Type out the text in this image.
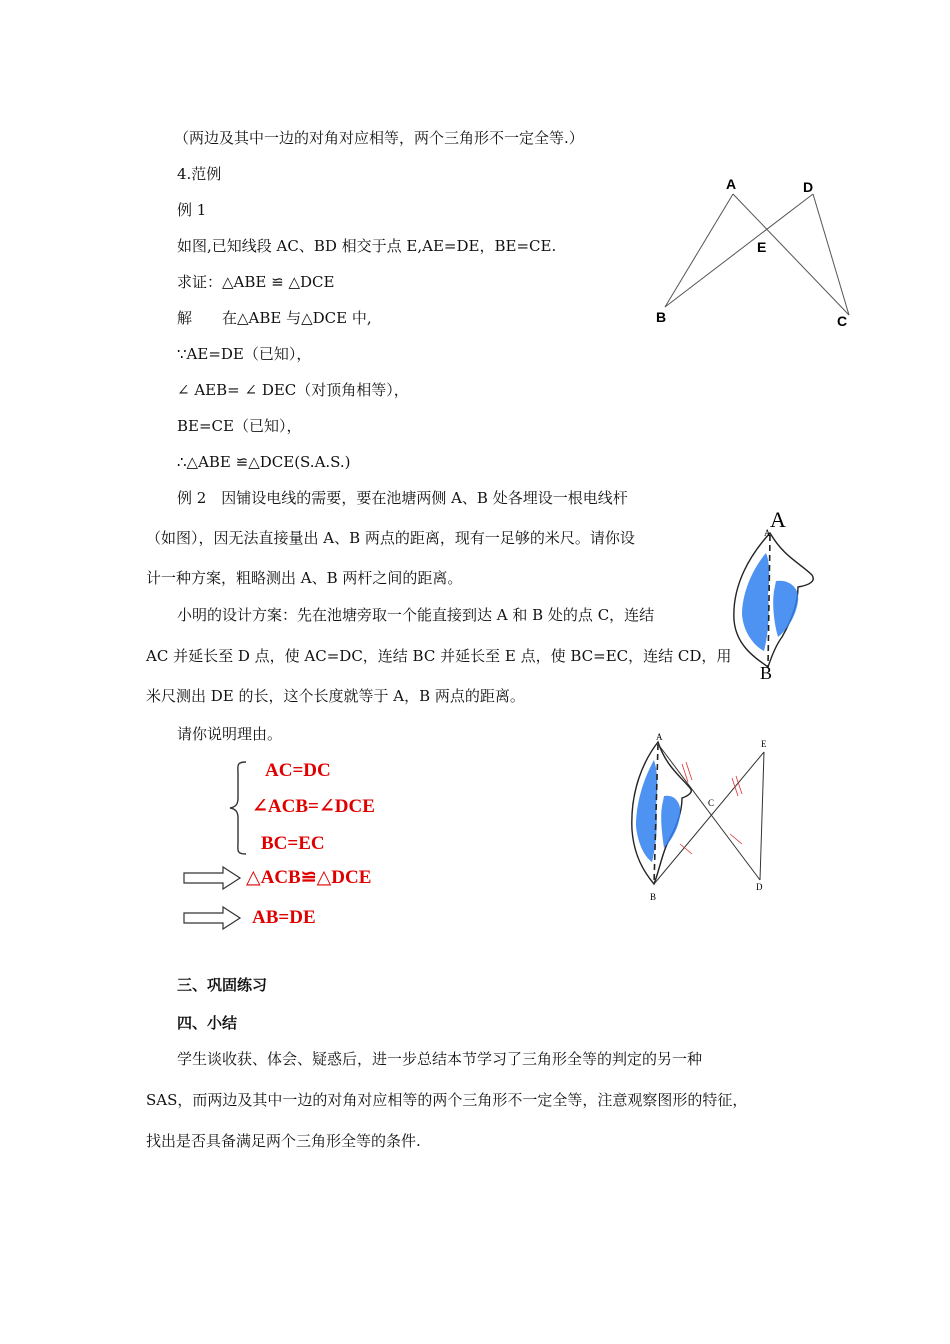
（两边及其中一边的对角对应相等，两个三角形不一定全等.）
4.范例
例 1
如图,已知线段 AC、BD 相交于点 E,AE=DE，BE=CE.
求证：△ABE ≌ △DCE
解　　在△ABE 与△DCE 中,
∵AE=DE（已知），
∠ AEB= ∠ DEC（对顶角相等），
BE=CE（已知），
∴△ABE ≌△DCE(S.A.S.)
例 2　因铺设电线的需要，要在池塘两侧 A、B 处各埋设一根电线杆
（如图），因无法直接量出 A、B 两点的距离，现有一足够的米尺。请你设
计一种方案，粗略测出 A、B 两杆之间的距离。
小明的设计方案：先在池塘旁取一个能直接到达 A 和 B 处的点 C，连结
AC 并延长至 D 点，使 AC=DC，连结 BC 并延长至 E 点，使 BC=EC，连结 CD，用
米尺测出 DE 的长，这个长度就等于 A，B 两点的距离。
请你说明理由。
AC=DC
∠ACB=∠DCE
BC=EC
△ACB≌△DCE
AB=DE
三、巩固练习
四、小结
学生谈收获、体会、疑惑后，进一步总结本节学习了三角形全等的判定的另一种
SAS，而两边及其中一边的对角对应相等的两个三角形不一定全等，注意观察图形的特征，
找出是否具备满足两个三角形全等的条件.
A	D
E
B	C
A
A
B
A
E
C
B
D
